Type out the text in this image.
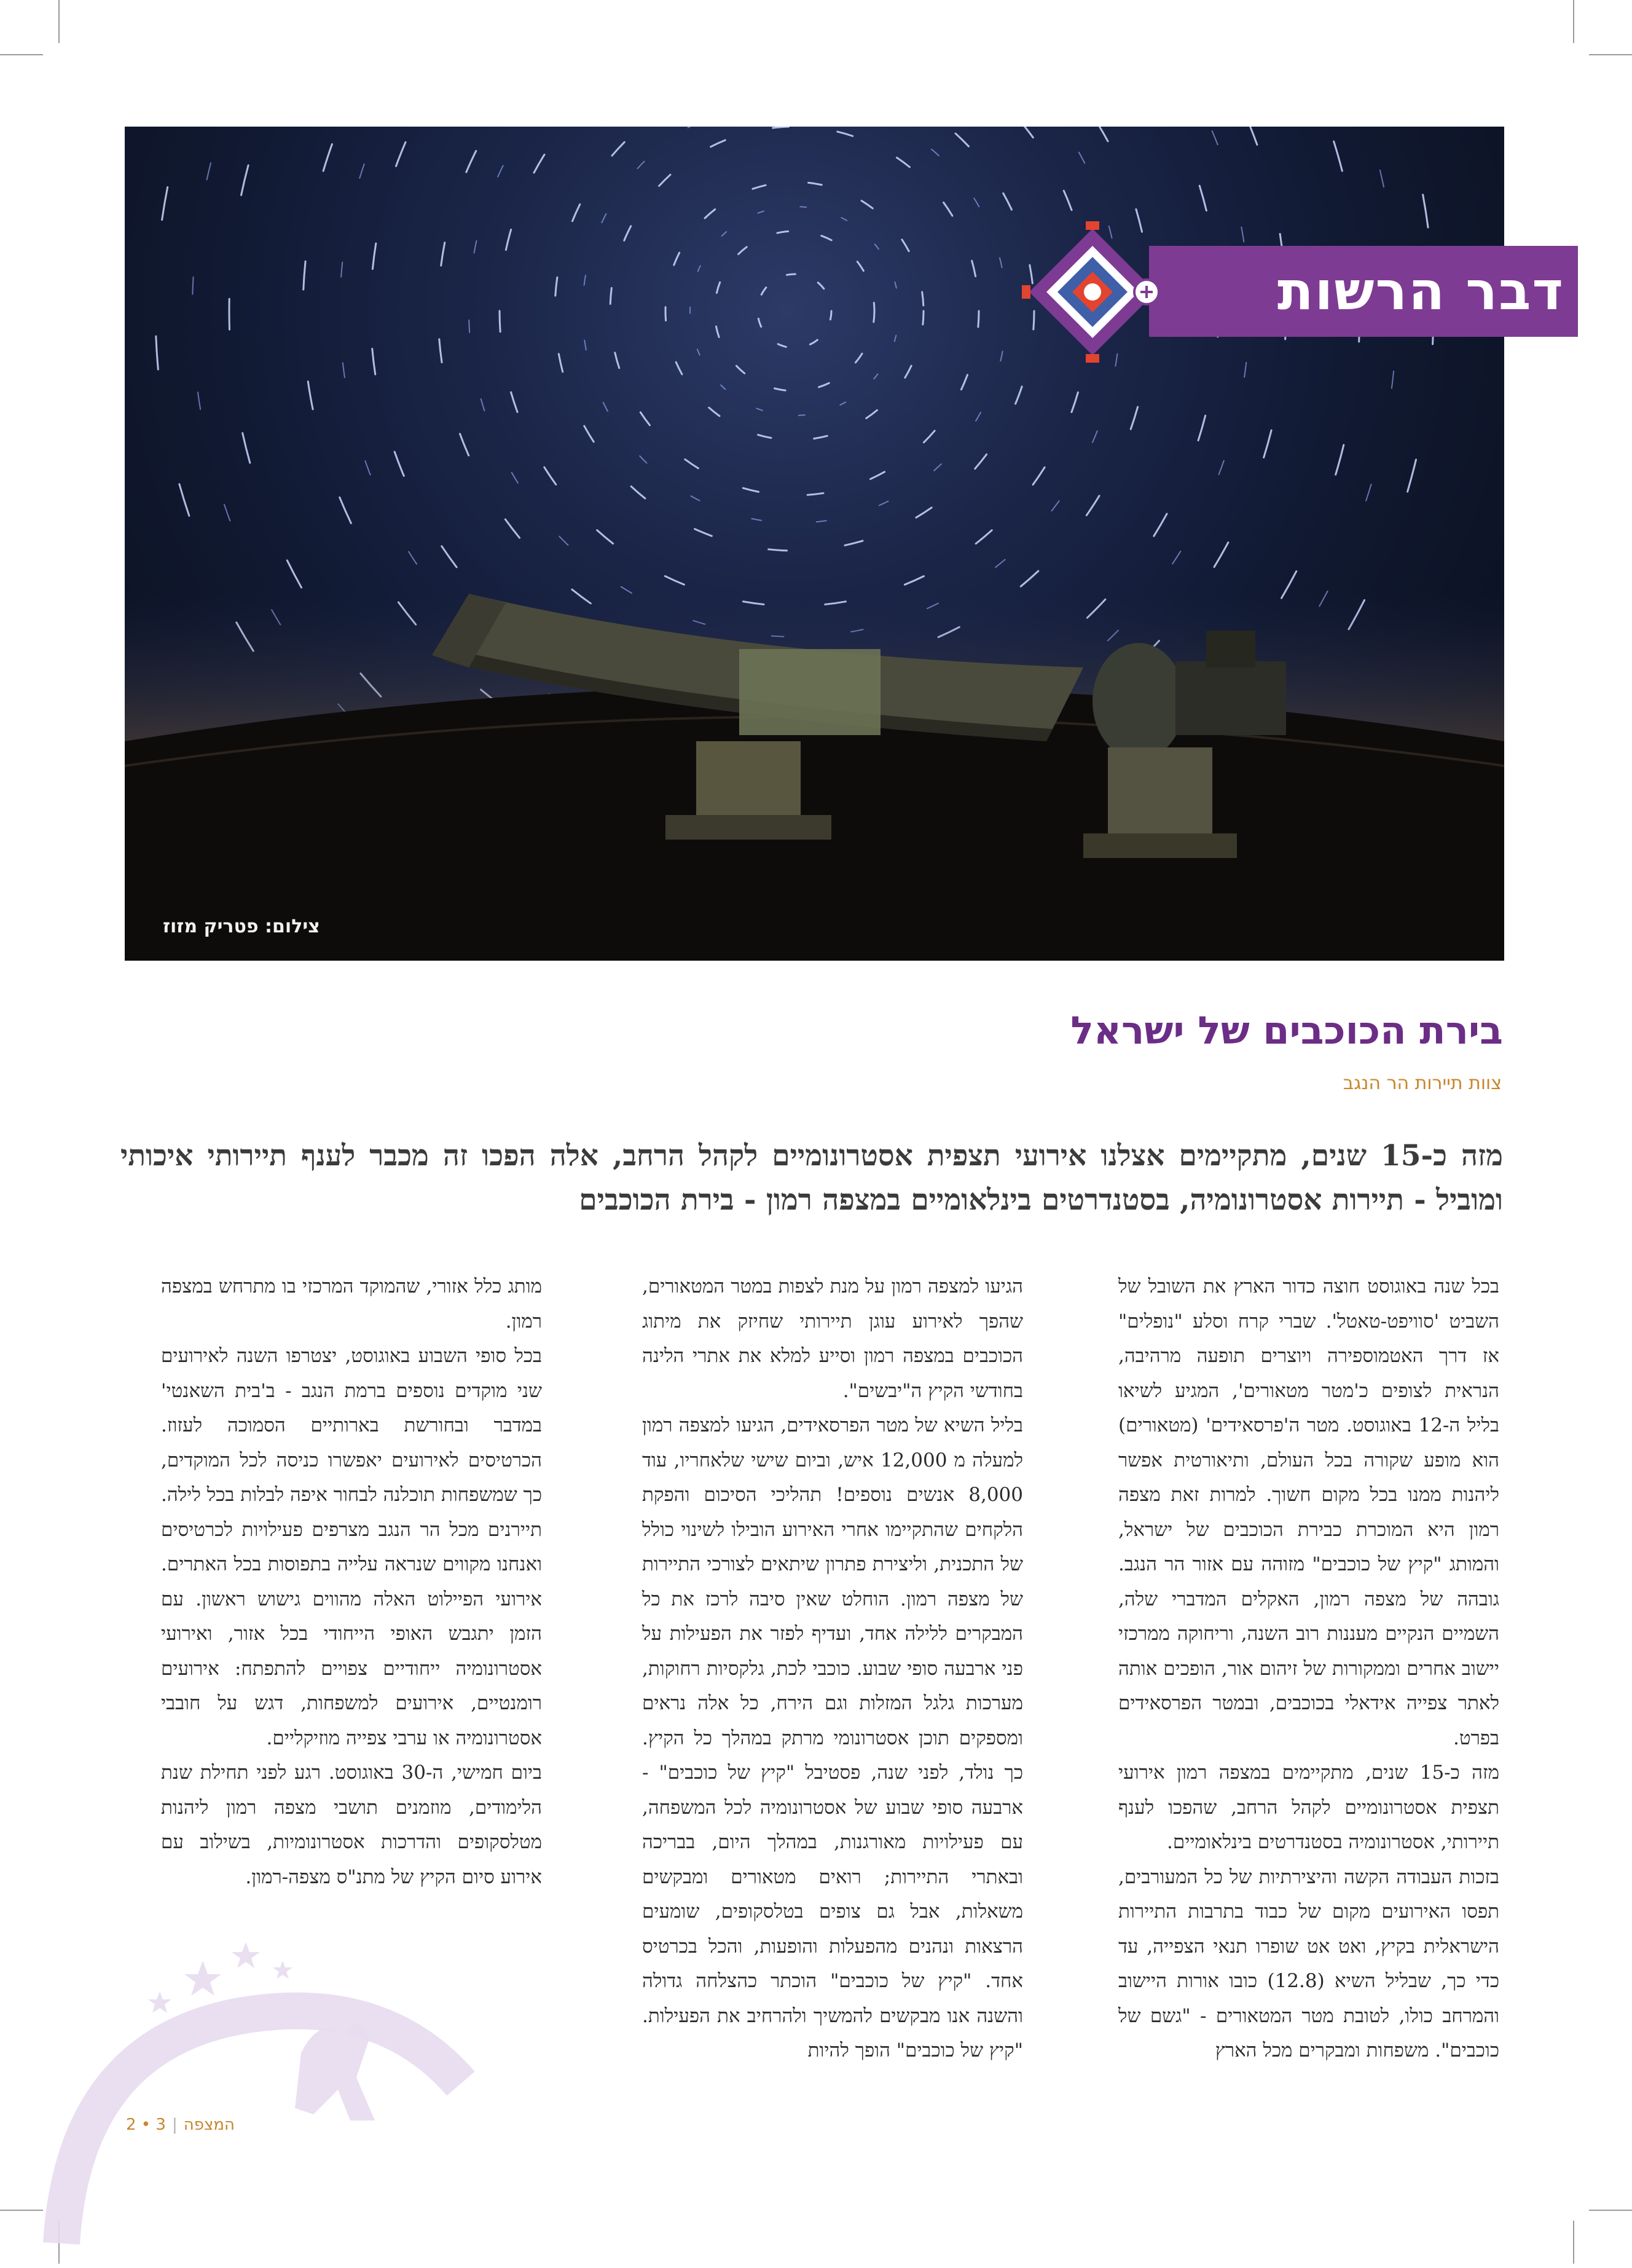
צילום: פטריק מזוז
דבר הרשות
בירת הכוכבים של ישראל
צוות תיירות הר הנגב
מזה כ-15 שנים, מתקיימים אצלנו אירועי תצפית אסטרונומיים לקהל הרחב, אלה הפכו זה מכבר לענף תיירותי איכותי ומוביל - תיירות אסטרונומיה, בסטנדרטים בינלאומיים במצפה רמון - בירת הכוכבים

בכל שנה באוגוסט חוצה כדור הארץ את השובל של השביט 'סוויפט-טאטל'. שברי קרח וסלע "נופלים" אז דרך האטמוספירה ויוצרים תופעה מרהיבה, הנראית לצופים כ'מטר מטאורים', המגיע לשיאו בליל ה-12 באוגוסט. מטר ה'פרסאידים' (מטאורים) הוא מופע שקורה בכל העולם, ותיאורטית אפשר ליהנות ממנו בכל מקום חשוך. למרות זאת מצפה רמון היא המוכרת כבירת הכוכבים של ישראל, והמותג "קיץ של כוכבים" מזוהה עם אזור הר הנגב. גובהה של מצפה רמון, האקלים המדברי שלה, השמיים הנקיים מעננות רוב השנה, וריחוקה ממרכזי יישוב אחרים וממקורות של זיהום אור, הופכים אותה לאתר צפייה אידאלי בכוכבים, ובמטר הפרסאידים בפרט.

מזה כ-15 שנים, מתקיימים במצפה רמון אירועי תצפית אסטרונומיים לקהל הרחב, שהפכו לענף תיירותי, אסטרונומיה בסטנדרטים בינלאומיים.

בזכות העבודה הקשה והיצירתיות של כל המעורבים, תפסו האירועים מקום של כבוד בתרבות התיירות הישראלית בקיץ, ואט אט שופרו תנאי הצפייה, עד כדי כך, שבליל השיא (12.8) כובו אורות היישוב והמרחב כולו, לטובת מטר המטאורים - "גשם של כוכבים". משפחות ומבקרים מכל הארץ

הגיעו למצפה רמון על מנת לצפות במטר המטאורים, שהפך לאירוע עוגן תיירותי שחיזק את מיתוג הכוכבים במצפה רמון וסייע למלא את אתרי הלינה בחודשי הקיץ ה"יבשים".

בליל השיא של מטר הפרסאידים, הגיעו למצפה רמון למעלה מ 12,000 איש, וביום שישי שלאחריו, עוד 8,000 אנשים נוספים! תהליכי הסיכום והפקת הלקחים שהתקיימו אחרי האירוע הובילו לשינוי כולל של התכנית, וליצירת פתרון שיתאים לצורכי התיירות של מצפה רמון. הוחלט שאין סיבה לרכז את כל המבקרים ללילה אחד, ועדיף לפזר את הפעילות על פני ארבעה סופי שבוע. כוכבי לכת, גלקסיות רחוקות, מערכות גלגל המזלות וגם הירח, כל אלה נראים ומספקים תוכן אסטרונומי מרתק במהלך כל הקיץ. כך נולד, לפני שנה, פסטיבל "קיץ של כוכבים" - ארבעה סופי שבוע של אסטרונומיה לכל המשפחה, עם פעילויות מאורגנות, במהלך היום, בבריכה ובאתרי התיירות; רואים מטאורים ומבקשים משאלות, אבל גם צופים בטלסקופים, שומעים הרצאות ונהנים מהפעלות והופעות, והכל בכרטיס אחד. "קיץ של כוכבים" הוכתר כהצלחה גדולה והשנה אנו מבקשים להמשיך ולהרחיב את הפעילות. "קיץ של כוכבים" הופך להיות

מותג כלל אזורי, שהמוקד המרכזי בו מתרחש במצפה רמון.

בכל סופי השבוע באוגוסט, יצטרפו השנה לאירועים שני מוקדים נוספים ברמת הנגב - ב'בית השאנטי' במדבר ובחורשת בארותיים הסמוכה לעזוז. הכרטיסים לאירועים יאפשרו כניסה לכל המוקדים, כך שמשפחות תוכלנה לבחור איפה לבלות בכל לילה. תיירנים מכל הר הנגב מצרפים פעילויות לכרטיסים ואנחנו מקווים שנראה עלייה בתפוסות בכל האתרים. אירועי הפיילוט האלה מהווים גישוש ראשון. עם הזמן יתגבש האופי הייחודי בכל אזור, ואירועי אסטרונומיה ייחודיים צפויים להתפתח: אירועים רומנטיים, אירועים למשפחות, דגש על חובבי אסטרונומיה או ערבי צפייה מוזיקליים.

ביום חמישי, ה-30 באוגוסט. רגע לפני תחילת שנת הלימודים, מוזמנים תושבי מצפה רמון ליהנות מטלסקופים והדרכות אסטרונומיות, בשילוב עם אירוע סיום הקיץ של מתנ"ס מצפה-רמון.

המצפה|3 • 2
